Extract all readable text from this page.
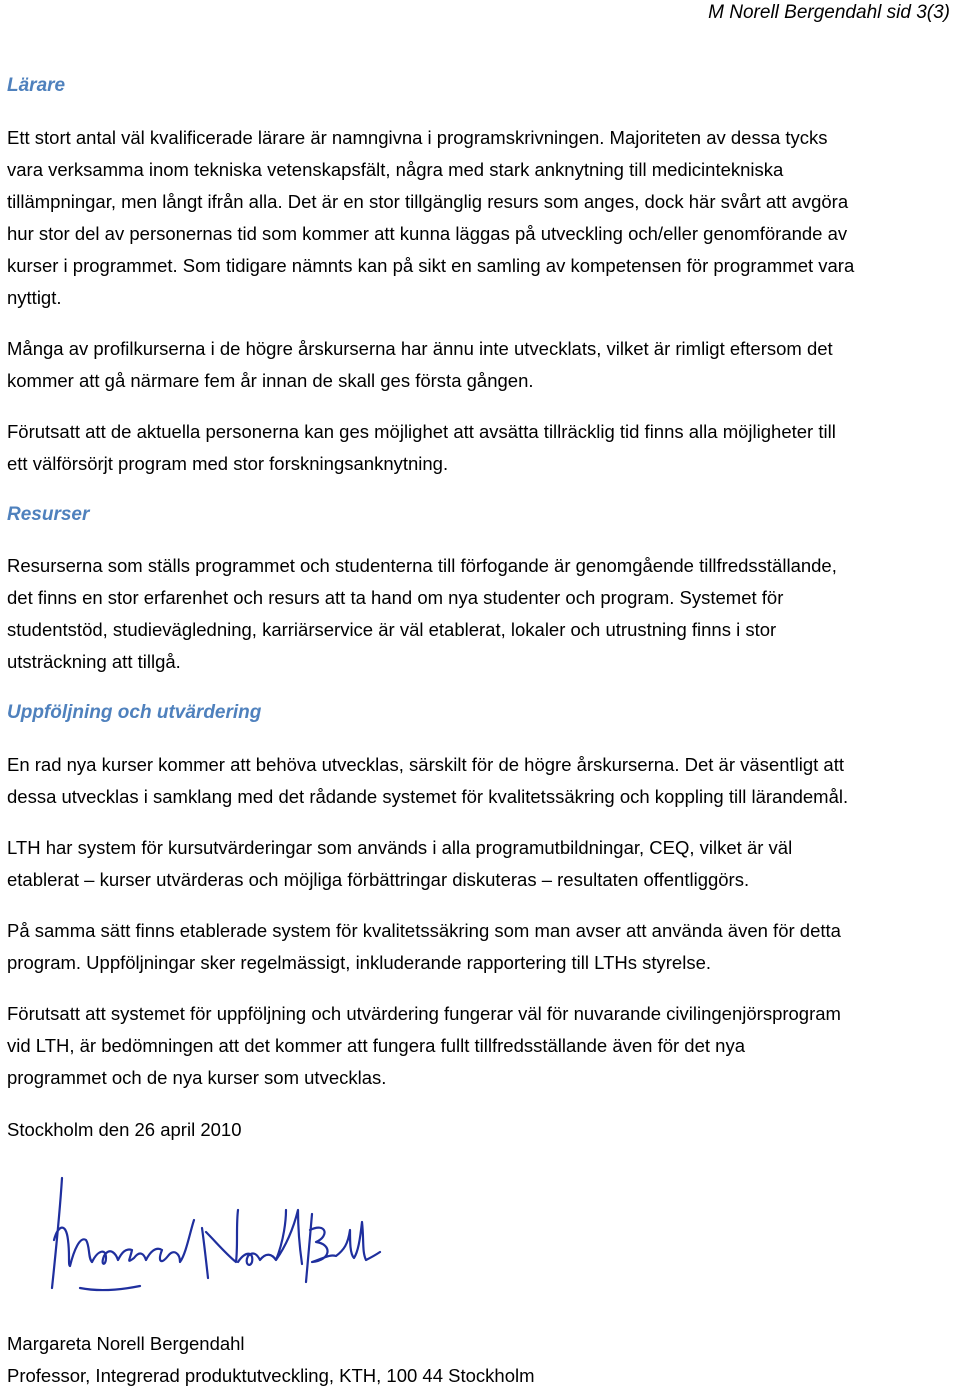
M Norell Bergendahl sid 3(3)
Lärare
Ett stort antal väl kvalificerade lärare är namngivna i programskrivningen. Majoriteten av dessa tycks
vara verksamma inom tekniska vetenskapsfält, några med stark anknytning till medicintekniska
tillämpningar, men långt ifrån alla. Det är en stor tillgänglig resurs som anges, dock här svårt att avgöra
hur stor del av personernas tid som kommer att kunna läggas på utveckling och/eller genomförande av
kurser i programmet. Som tidigare nämnts kan på sikt en samling av kompetensen för programmet vara
nyttigt.
Många av profilkurserna i de högre årskurserna har ännu inte utvecklats, vilket är rimligt eftersom det
kommer att gå närmare fem år innan de skall ges första gången.
Förutsatt att de aktuella personerna kan ges möjlighet att avsätta tillräcklig tid finns alla möjligheter till
ett välförsörjt program med stor forskningsanknytning.
Resurser
Resurserna som ställs programmet och studenterna till förfogande är genomgående tillfredsställande,
det finns en stor erfarenhet och resurs att ta hand om nya studenter och program. Systemet för
studentstöd, studievägledning, karriärservice är väl etablerat, lokaler och utrustning finns i stor
utsträckning att tillgå.
Uppföljning och utvärdering
En rad nya kurser kommer att behöva utvecklas, särskilt för de högre årskurserna. Det är väsentligt att
dessa utvecklas i samklang med det rådande systemet för kvalitetssäkring och koppling till lärandemål.
LTH har system för kursutvärderingar som används i alla programutbildningar, CEQ, vilket är väl
etablerat – kurser utvärderas och möjliga förbättringar diskuteras – resultaten offentliggörs.
På samma sätt finns etablerade system för kvalitetssäkring som man avser att använda även för detta
program. Uppföljningar sker regelmässigt, inkluderande rapportering till LTHs styrelse.
Förutsatt att systemet för uppföljning och utvärdering fungerar väl för nuvarande civilingenjörsprogram
vid LTH, är bedömningen att det kommer att fungera fullt tillfredsställande även för det nya
programmet och de nya kurser som utvecklas.
Stockholm den 26 april 2010
Margareta Norell Bergendahl
Professor, Integrerad produktutveckling, KTH, 100 44 Stockholm
